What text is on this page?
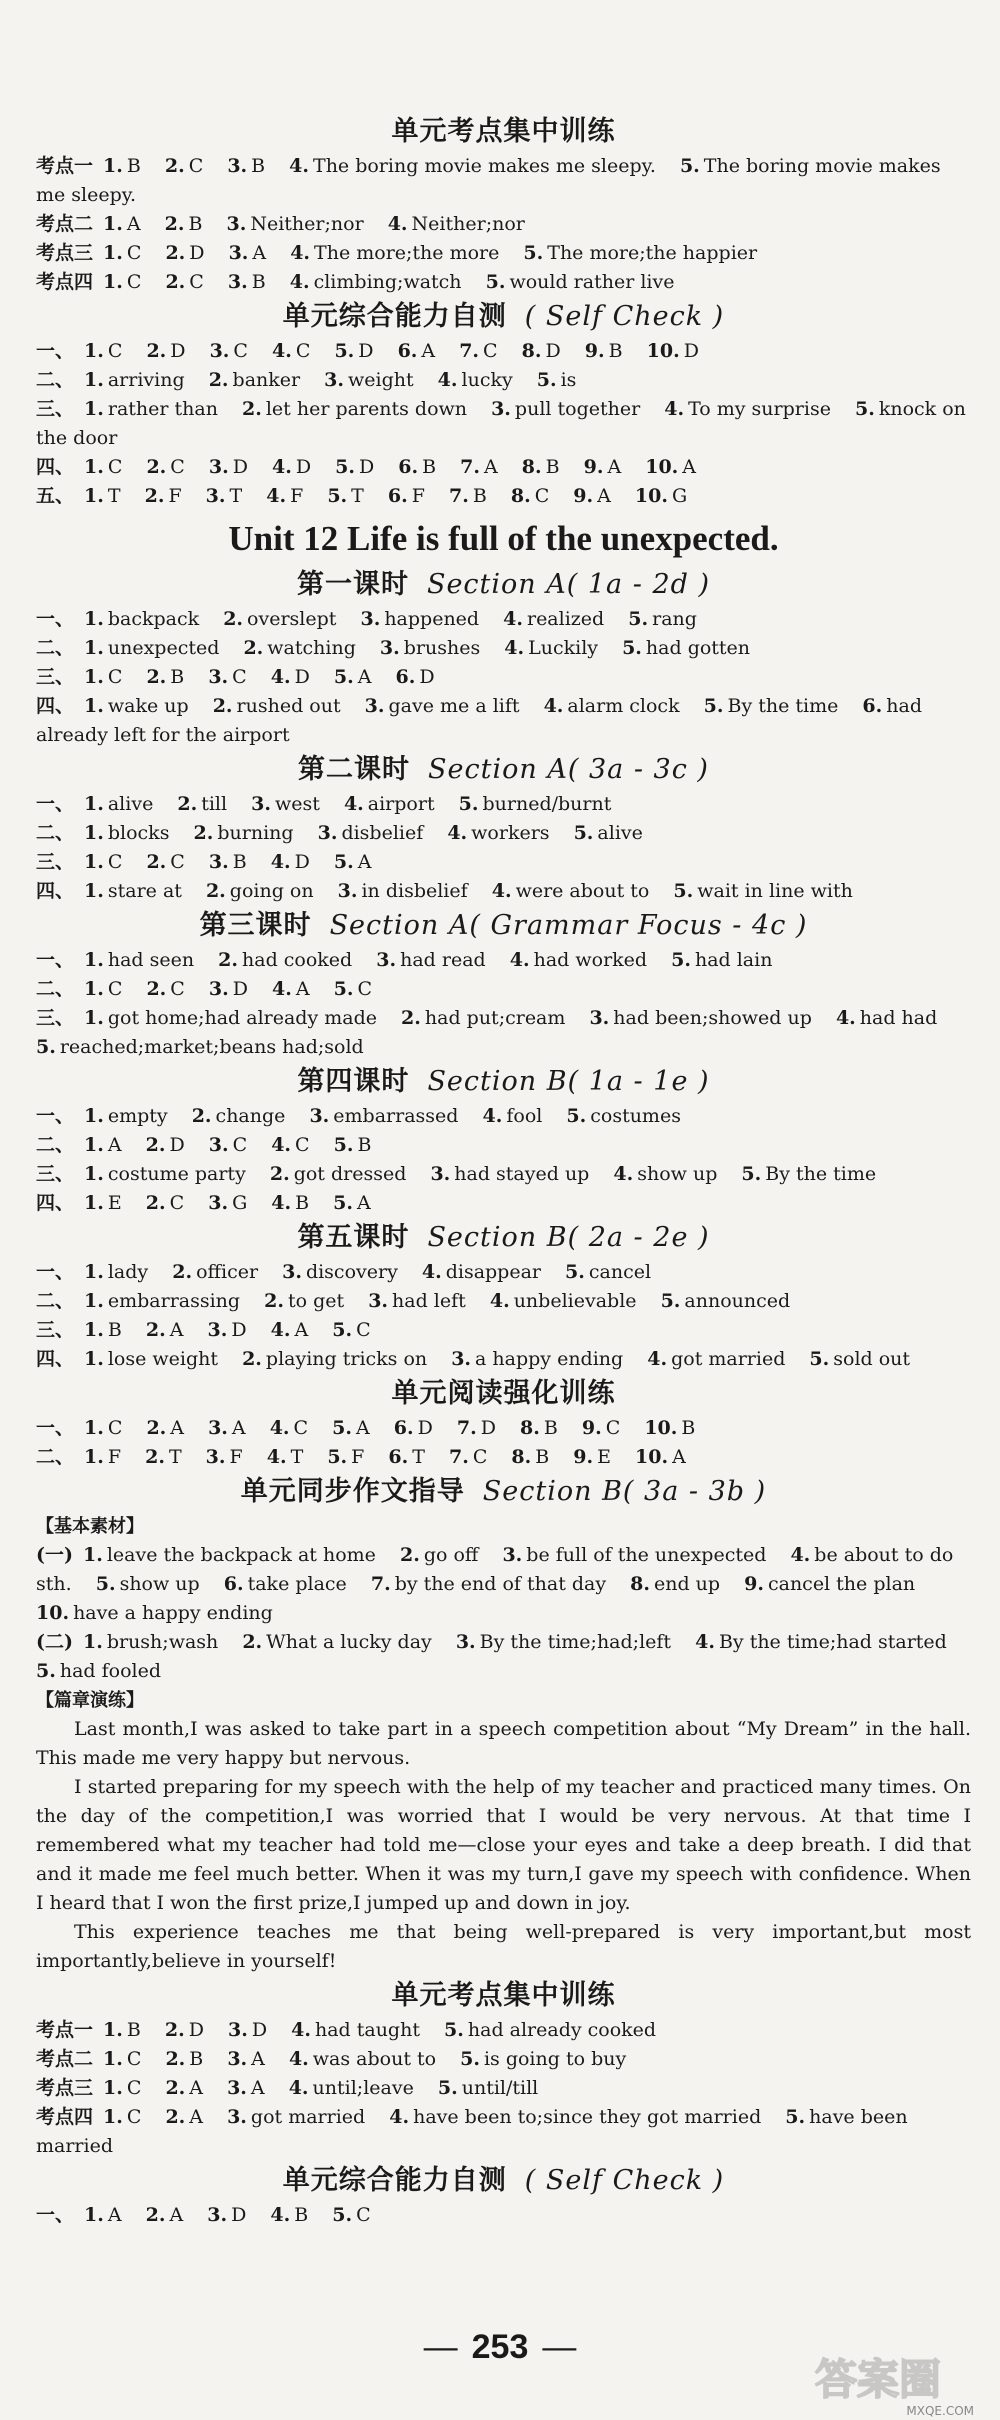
单元考点集中训练

考点一 1. B 2. C 3. B 4. The boring movie makes me sleepy. 5. The boring movie makes me sleepy.

考点二 1. A 2. B 3. Neither;nor 4. Neither;nor

考点三 1. C 2. D 3. A 4. The more;the more 5. The more;the happier

考点四 1. C 2. C 3. B 4. climbing;watch 5. would rather live

单元综合能力自测 ( Self Check )

一、 1. C 2. D 3. C 4. C 5. D 6. A 7. C 8. D 9. B 10. D

二、 1. arriving 2. banker 3. weight 4. lucky 5. is

三、 1. rather than 2. let her parents down 3. pull together 4. To my surprise 5. knock on the door

四、 1. C 2. C 3. D 4. D 5. D 6. B 7. A 8. B 9. A 10. A

五、 1. T 2. F 3. T 4. F 5. T 6. F 7. B 8. C 9. A 10. G

Unit 12 Life is full of the unexpected.
第一课时 Section A( 1a - 2d )

一、 1. backpack 2. overslept 3. happened 4. realized 5. rang

二、 1. unexpected 2. watching 3. brushes 4. Luckily 5. had gotten

三、 1. C 2. B 3. C 4. D 5. A 6. D

四、 1. wake up 2. rushed out 3. gave me a lift 4. alarm clock 5. By the time 6. had already left for the airport

第二课时 Section A( 3a - 3c )

一、 1. alive 2. till 3. west 4. airport 5. burned/burnt

二、 1. blocks 2. burning 3. disbelief 4. workers 5. alive

三、 1. C 2. C 3. B 4. D 5. A

四、 1. stare at 2. going on 3. in disbelief 4. were about to 5. wait in line with

第三课时 Section A( Grammar Focus - 4c )

一、 1. had seen 2. had cooked 3. had read 4. had worked 5. had lain

二、 1. C 2. C 3. D 4. A 5. C

三、 1. got home;had already made 2. had put;cream 3. had been;showed up 4. had had 5. reached;market;beans had;sold

第四课时 Section B( 1a - 1e )

一、 1. empty 2. change 3. embarrassed 4. fool 5. costumes

二、 1. A 2. D 3. C 4. C 5. B

三、 1. costume party 2. got dressed 3. had stayed up 4. show up 5. By the time

四、 1. E 2. C 3. G 4. B 5. A

第五课时 Section B( 2a - 2e )

一、 1. lady 2. officer 3. discovery 4. disappear 5. cancel

二、 1. embarrassing 2. to get 3. had left 4. unbelievable 5. announced

三、 1. B 2. A 3. D 4. A 5. C

四、 1. lose weight 2. playing tricks on 3. a happy ending 4. got married 5. sold out

单元阅读强化训练

一、 1. C 2. A 3. A 4. C 5. A 6. D 7. D 8. B 9. C 10. B

二、 1. F 2. T 3. F 4. T 5. F 6. T 7. C 8. B 9. E 10. A

单元同步作文指导 Section B( 3a - 3b )
【基本素材】

(一) 1. leave the backpack at home 2. go off 3. be full of the unexpected 4. be about to do sth. 5. show up 6. take place 7. by the end of that day 8. end up 9. cancel the plan 10. have a happy ending

(二) 1. brush;wash 2. What a lucky day 3. By the time;had;left 4. By the time;had started 5. had fooled

【篇章演练】

Last month,I was asked to take part in a speech competition about “My Dream” in the hall. This made me very happy but nervous.

I started preparing for my speech with the help of my teacher and practiced many times. On the day of the competition,I was worried that I would be very nervous. At that time I remembered what my teacher had told me—close your eyes and take a deep breath. I did that and it made me feel much better. When it was my turn,I gave my speech with confidence. When I heard that I won the first prize,I jumped up and down in joy.

This experience teaches me that being well-prepared is very important,but most importantly,believe in yourself!

单元考点集中训练

考点一 1. B 2. D 3. D 4. had taught 5. had already cooked

考点二 1. C 2. B 3. A 4. was about to 5. is going to buy

考点三 1. C 2. A 3. A 4. until;leave 5. until/till

考点四 1. C 2. A 3. got married 4. have been to;since they got married 5. have been married

单元综合能力自测 ( Self Check )

一、 1. A 2. A 3. D 4. B 5. C

— 253 —
答案圈
MXQE.COM
